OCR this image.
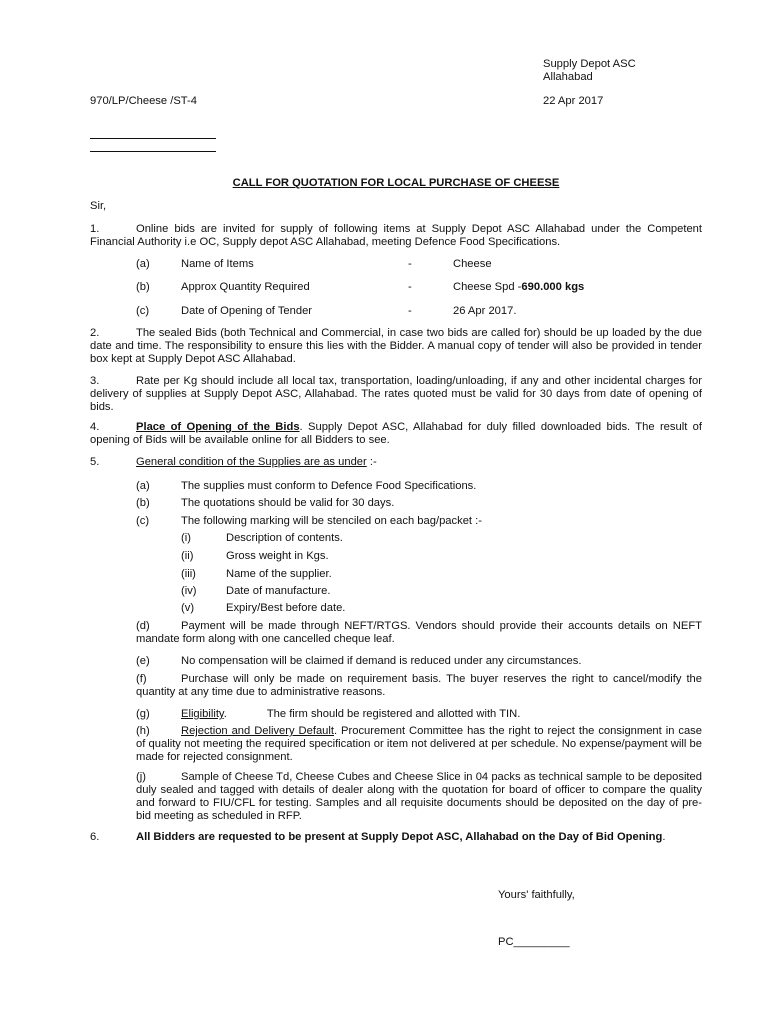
Supply Depot ASC
Allahabad
970/LP/Cheese /ST-4	22 Apr 2017
CALL FOR QUOTATION FOR LOCAL PURCHASE OF CHEESE
Sir,
1.	Online bids are invited for supply of following items at Supply Depot ASC Allahabad under the Competent Financial Authority i.e OC, Supply depot ASC Allahabad, meeting Defence Food Specifications.
(a)	Name of Items	-	Cheese
(b)	Approx Quantity Required	-	Cheese Spd -690.000 kgs
(c)	Date of Opening of Tender	-	26 Apr 2017.
2.	The sealed Bids (both Technical and Commercial, in case two bids are called for) should be up loaded by the due date and time. The responsibility to ensure this lies with the Bidder. A manual copy of tender will also be provided in tender box kept at Supply Depot ASC Allahabad.
3.	Rate per Kg should include all local tax, transportation, loading/unloading, if any and other incidental charges for delivery of supplies at Supply Depot ASC, Allahabad. The rates quoted must be valid for 30 days from date of opening of bids.
4.	Place of Opening of the Bids. Supply Depot ASC, Allahabad for duly filled downloaded bids. The result of opening of Bids will be available online for all Bidders to see.
5.	General condition of the Supplies are as under :-
(a)	The supplies must conform to Defence Food Specifications.
(b)	The quotations should be valid for 30 days.
(c)	The following marking will be stenciled on each bag/packet :-
(i)	Description of contents.
(ii)	Gross weight in Kgs.
(iii)	Name of the supplier.
(iv)	Date of manufacture.
(v)	Expiry/Best before date.
(d)	Payment will be made through NEFT/RTGS. Vendors should provide their accounts details on NEFT mandate form along with one cancelled cheque leaf.
(e)	No compensation will be claimed if demand is reduced under any circumstances.
(f)	Purchase will only be made on requirement basis. The buyer reserves the right to cancel/modify the quantity at any time due to administrative reasons.
(g)	Eligibility.	The firm should be registered and allotted with TIN.
(h)	Rejection and Delivery Default. Procurement Committee has the right to reject the consignment in case of quality not meeting the required specification or item not delivered at per schedule. No expense/payment will be made for rejected consignment.
(j)	Sample of Cheese Td, Cheese Cubes and Cheese Slice in 04 packs as technical sample to be deposited duly sealed and tagged with details of dealer along with the quotation for board of officer to compare the quality and forward to FIU/CFL for testing. Samples and all requisite documents should be deposited on the day of pre-bid meeting as scheduled in RFP.
6.	All Bidders are requested to be present at Supply Depot ASC, Allahabad on the Day of Bid Opening.
Yours' faithfully,
PC_________
